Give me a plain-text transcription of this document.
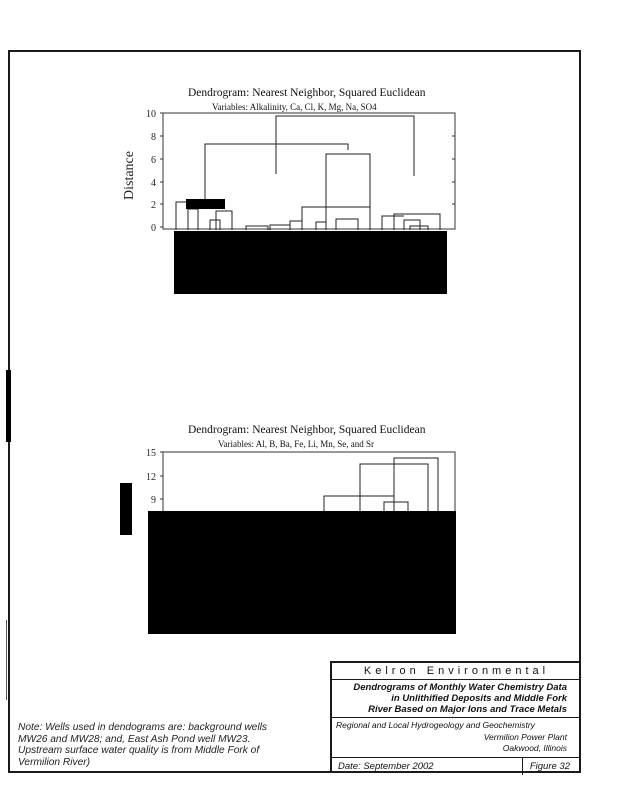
Dendrogram: Nearest Neighbor, Squared Euclidean
Variables: Alkalinity, Ca, Cl, K, Mg, Na, SO4
Distance
10
8
6
4
2
0
Dendrogram: Nearest Neighbor, Squared Euclidean
Variables: Al, B, Ba, Fe, Li, Mn, Se, and Sr
15
12
9
Kelron Environmental
Dendrograms of Monthly Water Chemistry Data
in Unlithified Deposits and Middle Fork
River Based on Major Ions and Trace Metals
Regional and Local Hydrogeology and Geochemistry
Vermilion Power Plant
Oakwood, Illinois
Date: September 2002	Figure 32
Note: Wells used in dendograms are: background wells
MW26 and MW28; and, East Ash Pond well MW23.
Upstream surface water quality is from Middle Fork of
Vermilion River)
